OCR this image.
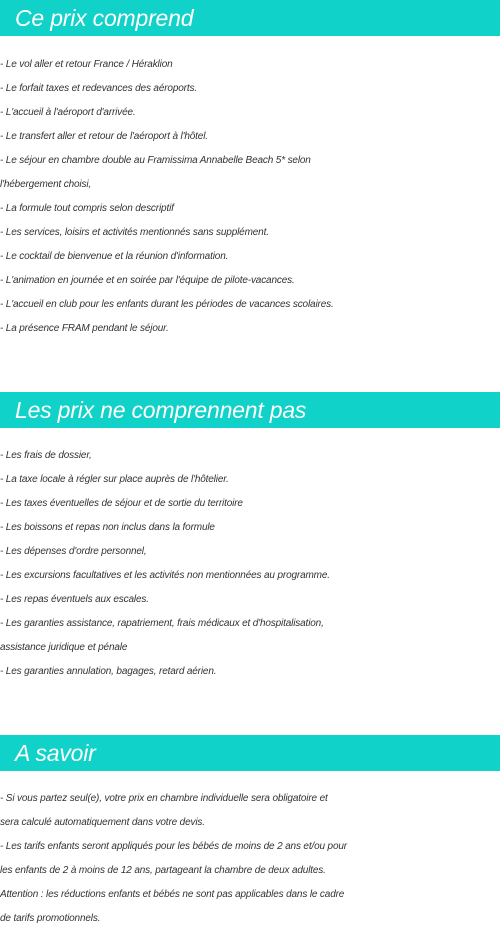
Ce prix comprend
- Le vol aller et retour France / Héraklion
- Le forfait taxes et redevances des aéroports.
- L'accueil à l'aéroport d'arrivée.
- Le transfert aller et retour de l'aéroport à l'hôtel.
- Le séjour en chambre double au Framissima Annabelle Beach 5* selon
l'hébergement choisi,
- La formule tout compris selon descriptif
- Les services, loisirs et activités mentionnés sans supplément.
- Le cocktail de bienvenue et la réunion d'information.
- L'animation en journée et en soirée par l'équipe de pilote-vacances.
- L'accueil en club pour les enfants durant les périodes de vacances scolaires.
- La présence FRAM pendant le séjour.
Les prix ne comprennent pas
- Les frais de dossier,
- La taxe locale à régler sur place auprès de l'hôtelier.
- Les taxes éventuelles de séjour et de sortie du territoire
- Les boissons et repas non inclus dans la formule
- Les dépenses d'ordre personnel,
- Les excursions facultatives et les activités non mentionnées au programme.
- Les repas éventuels aux escales.
- Les garanties assistance, rapatriement, frais médicaux et d'hospitalisation,
assistance juridique et pénale
- Les garanties annulation, bagages, retard aérien.
A savoir
- Si vous partez seul(e), votre prix en chambre individuelle sera obligatoire et
sera calculé automatiquement dans votre devis.
- Les tarifs enfants seront appliqués pour les bébés de moins de 2 ans et/ou pour
les enfants de 2 à moins de 12 ans, partageant la chambre de deux adultes.
Attention : les réductions enfants et bébés ne sont pas applicables dans le cadre
de tarifs promotionnels.
